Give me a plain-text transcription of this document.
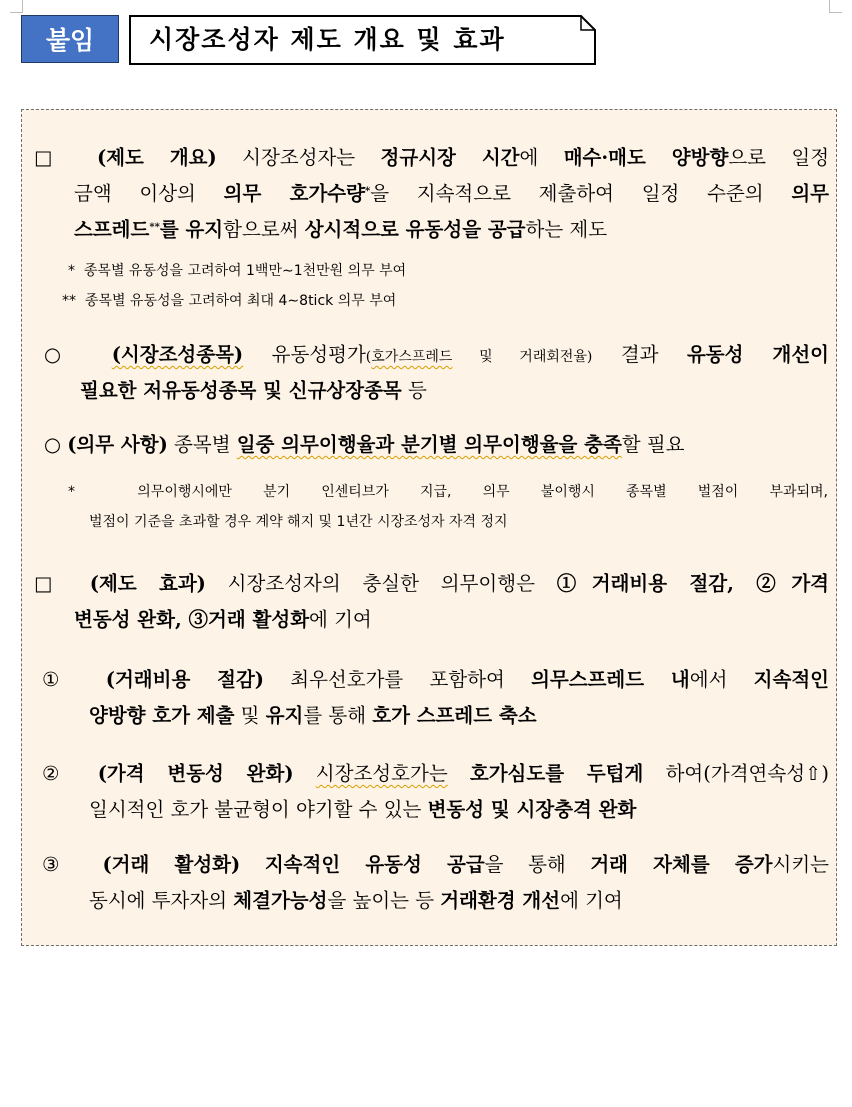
붙임	시장조성자 제도 개요 및 효과
□ (제도 개요) 시장조성자는 정규시장 시간에 매수·매도 양방향으로 일정
금액 이상의 의무 호가수량*을 지속적으로 제출하여 일정 수준의 의무
스프레드**를 유지함으로써 상시적으로 유동성을 공급하는 제도
* 종목별 유동성을 고려하여 1백만∼1천만원 의무 부여
** 종목별 유동성을 고려하여 최대 4∼8tick 의무 부여
○ (시장조성종목) 유동성평가(호가스프레드 및 거래회전율) 결과 유동성 개선이
필요한 저유동성종목 및 신규상장종목 등
○ (의무 사항) 종목별 일중 의무이행율과 분기별 의무이행율을 충족할 필요
*	의무이행시에만 분기 인센티브가 지급, 의무 불이행시 종목별 벌점이 부과되며,
벌점이 기준을 초과할 경우 계약 해지 및 1년간 시장조성자 자격 정지
□ (제도 효과) 시장조성자의 충실한 의무이행은 ①거래비용 절감, ②가격
변동성 완화, ③거래 활성화에 기여
① (거래비용 절감) 최우선호가를 포함하여 의무스프레드 내에서 지속적인
양방향 호가 제출 및 유지를 통해 호가 스프레드 축소
② (가격 변동성 완화) 시장조성호가는 호가심도를 두텁게 하여(가격연속성⇧)
일시적인 호가 불균형이 야기할 수 있는 변동성 및 시장충격 완화
③ (거래 활성화) 지속적인 유동성 공급을 통해 거래 자체를 증가시키는
동시에 투자자의 체결가능성을 높이는 등 거래환경 개선에 기여
